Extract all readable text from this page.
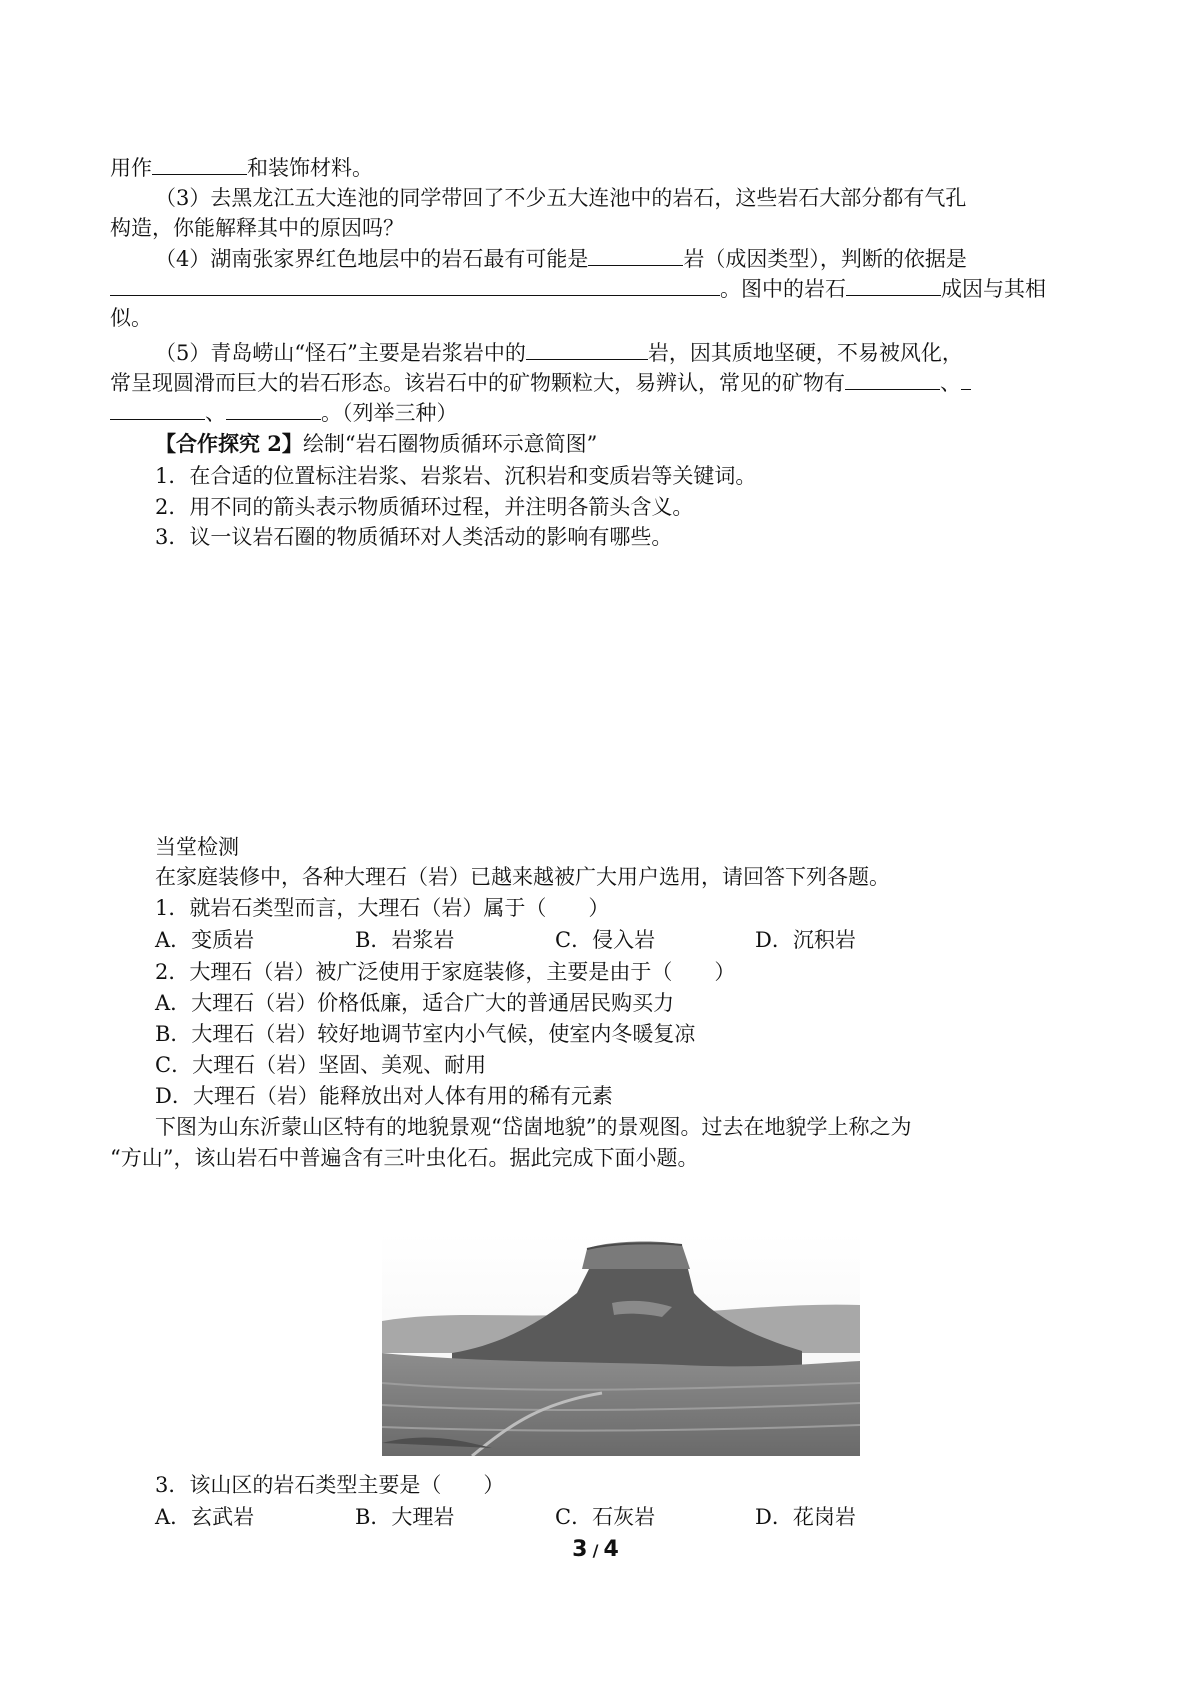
用作	和装饰材料。
（3）去黑龙江五大连池的同学带回了不少五大连池中的岩石，这些岩石大部分都有气孔
构造，你能解释其中的原因吗？
（4）湖南张家界红色地层中的岩石最有可能是	岩（成因类型），判断的依据是
。图中的岩石	成因与其相
似。
（5）青岛崂山“怪石”主要是岩浆岩中的	岩，因其质地坚硬，不易被风化，
常呈现圆滑而巨大的岩石形态。该岩石中的矿物颗粒大，易辨认，常见的矿物有	、
、	。（列举三种）
【合作探究 2】绘制“岩石圈物质循环示意简图”
1．在合适的位置标注岩浆、岩浆岩、沉积岩和变质岩等关键词。
2．用不同的箭头表示物质循环过程，并注明各箭头含义。
3．议一议岩石圈的物质循环对人类活动的影响有哪些。
当堂检测
在家庭装修中，各种大理石（岩）已越来越被广大用户选用，请回答下列各题。
1．就岩石类型而言，大理石（岩）属于（　　）
A．变质岩	B．岩浆岩	C．侵入岩	D．沉积岩
2．大理石（岩）被广泛使用于家庭装修，主要是由于（　　）
A．大理石（岩）价格低廉，适合广大的普通居民购买力
B．大理石（岩）较好地调节室内小气候，使室内冬暖复凉
C．大理石（岩）坚固、美观、耐用
D．大理石（岩）能释放出对人体有用的稀有元素
下图为山东沂蒙山区特有的地貌景观“岱崮地貌”的景观图。过去在地貌学上称之为
“方山”，该山岩石中普遍含有三叶虫化石。据此完成下面小题。
3．该山区的岩石类型主要是（　　）
A．玄武岩	B．大理岩	C．石灰岩	D．花岗岩
3 / 4
